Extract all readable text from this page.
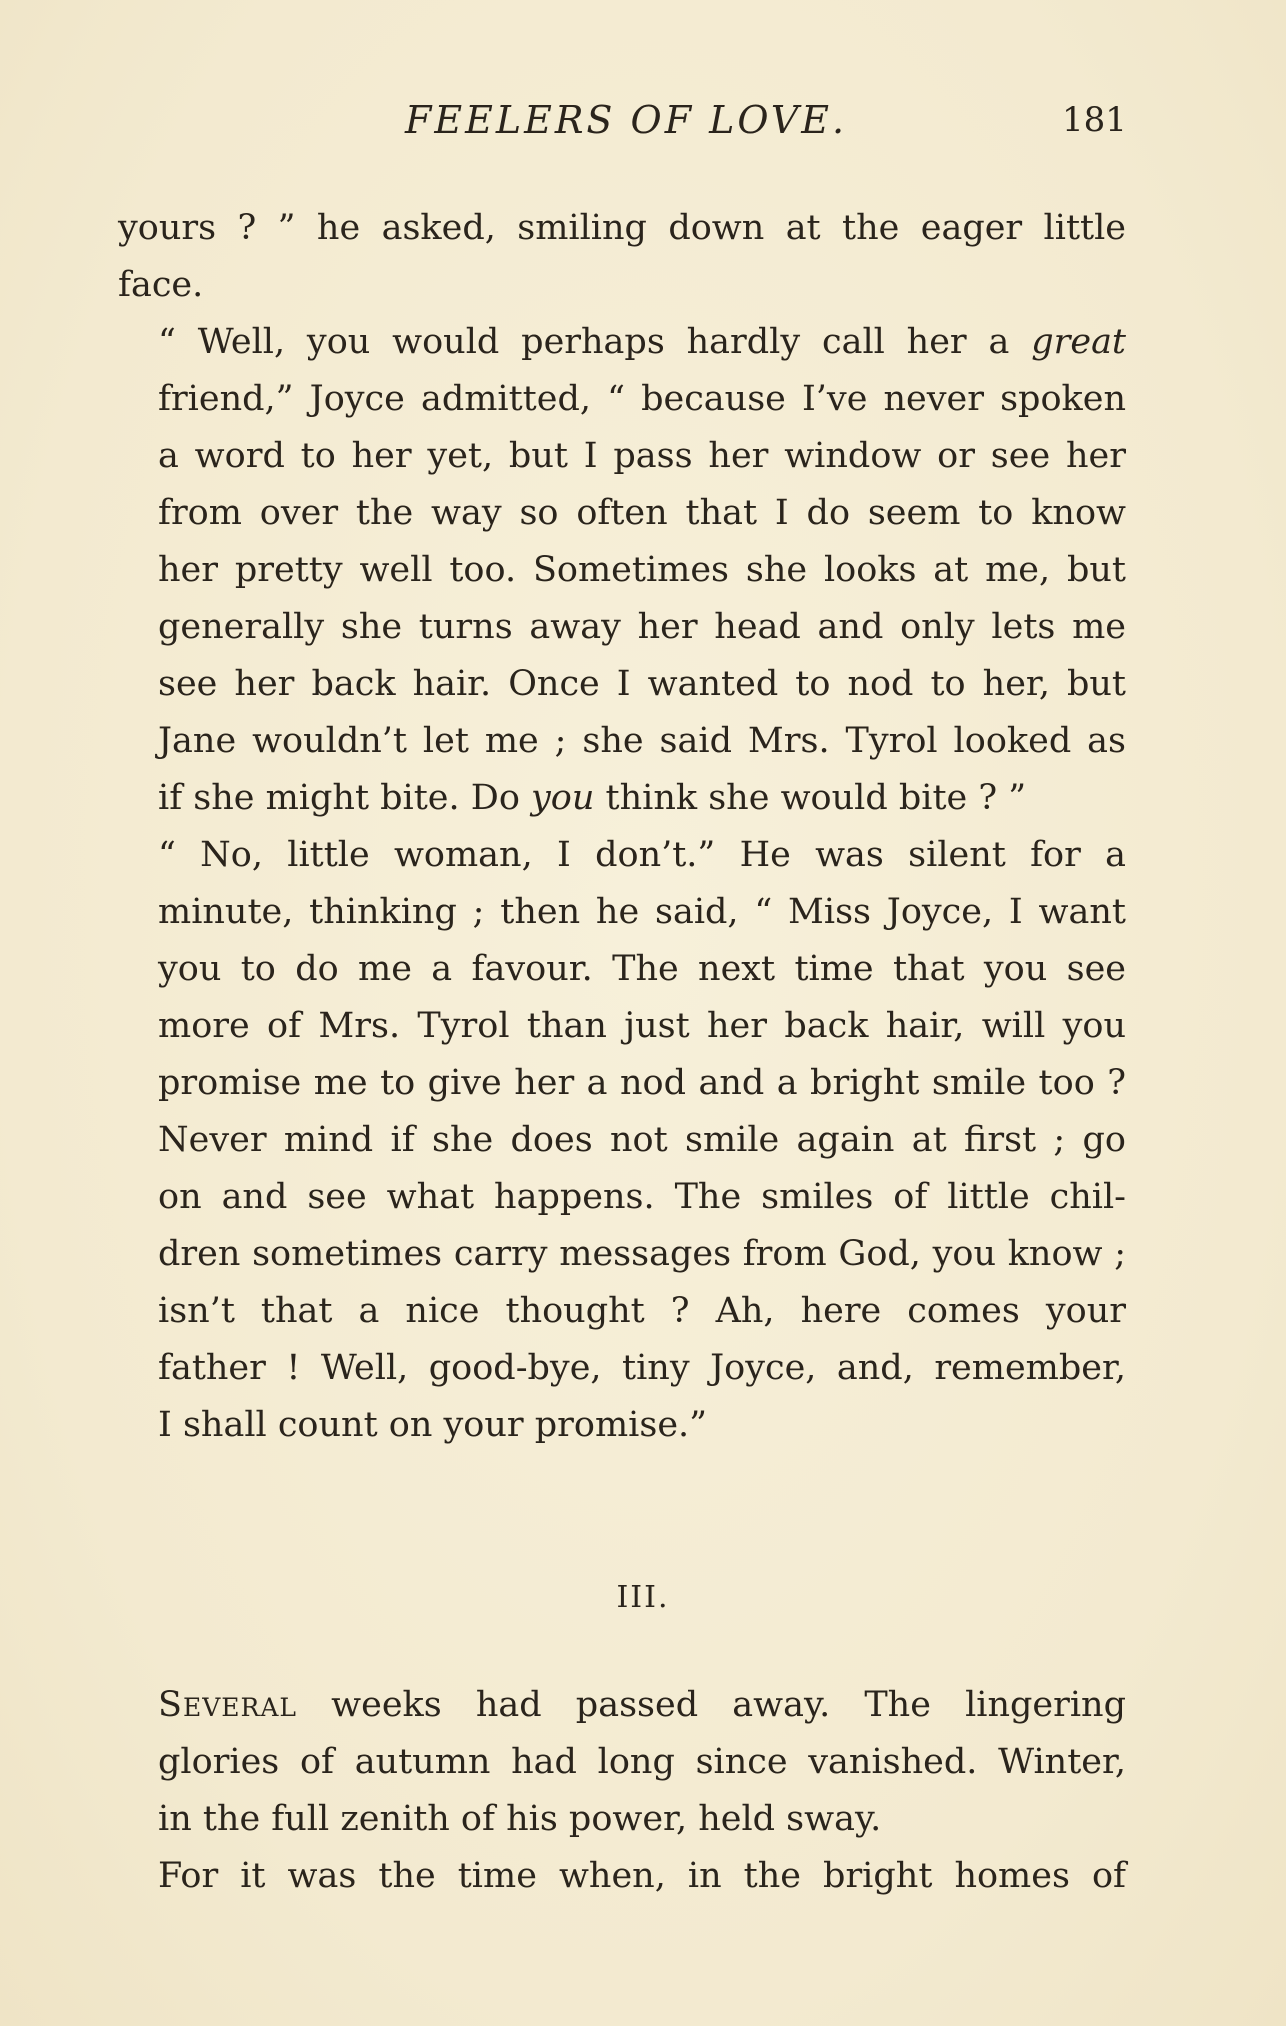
FEELERS OF LOVE.	181

yours ? ” he asked, smiling down at the eager little
face.

“ Well, you would perhaps hardly call her a great
friend,” Joyce admitted, “ because I’ve never spoken
a word to her yet, but I pass her window or see her
from over the way so often that I do seem to know
her pretty well too. Sometimes she looks at me, but
generally she turns away her head and only lets me
see her back hair. Once I wanted to nod to her, but
Jane wouldn’t let me ; she said Mrs. Tyrol looked as
if she might bite. Do you think she would bite ? ”

“ No, little woman, I don’t.” He was silent for a
minute, thinking ; then he said, “ Miss Joyce, I want
you to do me a favour. The next time that you see
more of Mrs. Tyrol than just her back hair, will you
promise me to give her a nod and a bright smile too ?
Never mind if she does not smile again at first ; go
on and see what happens. The smiles of little chil-
dren sometimes carry messages from God, you know ;
isn’t that a nice thought ? Ah, here comes your
father ! Well, good-bye, tiny Joyce, and, remember,
I shall count on your promise.”

III.

Several weeks had passed away. The lingering
glories of autumn had long since vanished. Winter,
in the full zenith of his power, held sway.

For it was the time when, in the bright homes of
